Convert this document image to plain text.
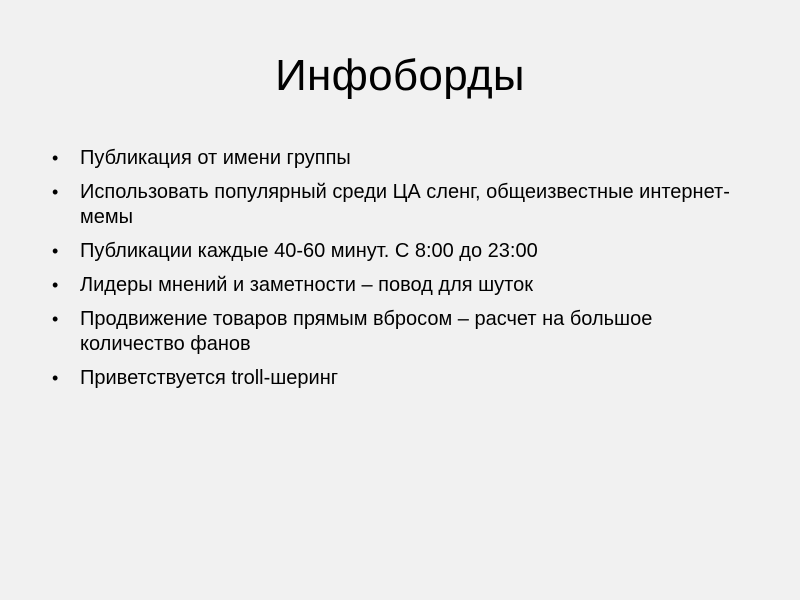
Инфоборды
•	Публикация от имени группы
•	Использовать популярный среди ЦА сленг, общеизвестные интернет-мемы
•	Публикации каждые 40-60 минут. С 8:00 до 23:00
•	Лидеры мнений и заметности – повод для шуток
•	Продвижение товаров прямым вбросом – расчет на большое количество фанов
•	Приветствуется troll-шеринг
